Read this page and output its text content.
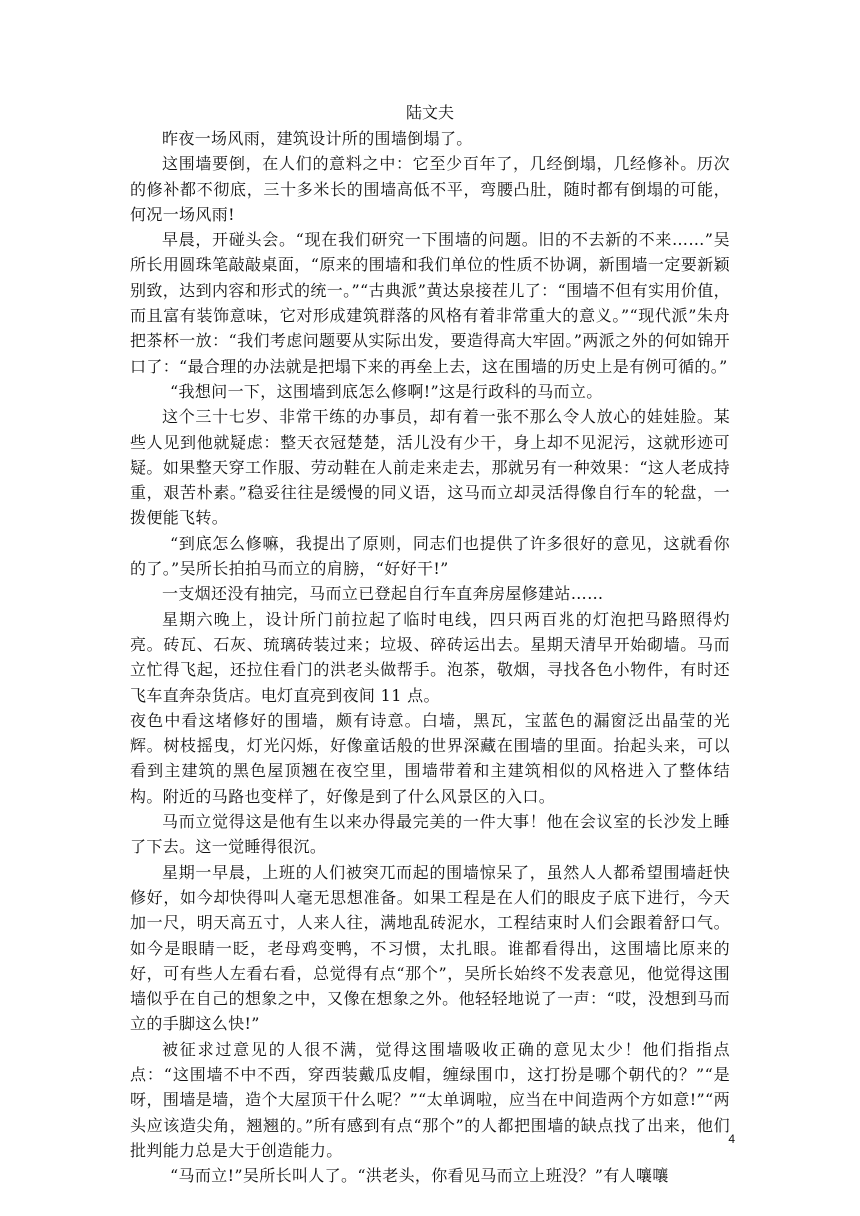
陆文夫

昨夜一场风雨，建筑设计所的围墙倒塌了。

这围墙要倒，在人们的意料之中：它至少百年了，几经倒塌，几经修补。历次的修补都不彻底，三十多米长的围墙高低不平，弯腰凸肚，随时都有倒塌的可能，何况一场风雨!

早晨，开碰头会。“现在我们研究一下围墙的问题。旧的不去新的不来……”吴所长用圆珠笔敲敲桌面，“原来的围墙和我们单位的性质不协调，新围墙一定要新颖别致，达到内容和形式的统一。”“古典派”黄达泉接茬儿了：“围墙不但有实用价值，而且富有装饰意味，它对形成建筑群落的风格有着非常重大的意义。”“现代派”朱舟把茶杯一放：“我们考虑问题要从实际出发，要造得高大牢固。”两派之外的何如锦开口了：“最合理的办法就是把塌下来的再垒上去，这在围墙的历史上是有例可循的。”

“我想问一下，这围墙到底怎么修啊!”这是行政科的马而立。

这个三十七岁、非常干练的办事员，却有着一张不那么令人放心的娃娃脸。某些人见到他就疑虑：整天衣冠楚楚，活儿没有少干，身上却不见泥污，这就形迹可疑。如果整天穿工作服、劳动鞋在人前走来走去，那就另有一种效果：“这人老成持重，艰苦朴素。”稳妥往往是缓慢的同义语，这马而立却灵活得像自行车的轮盘，一拨便能飞转。

“到底怎么修嘛，我提出了原则，同志们也提供了许多很好的意见，这就看你的了。”吴所长拍拍马而立的肩膀，“好好干!”

一支烟还没有抽完，马而立已登起自行车直奔房屋修建站……

星期六晚上，设计所门前拉起了临时电线，四只两百兆的灯泡把马路照得灼亮。砖瓦、石灰、琉璃砖装过来；垃圾、碎砖运出去。星期天清早开始砌墙。马而立忙得飞起，还拉住看门的洪老头做帮手。泡茶，敬烟，寻找各色小物件，有时还飞车直奔杂货店。电灯直亮到夜间 11 点。

夜色中看这堵修好的围墙，颇有诗意。白墙，黑瓦，宝蓝色的漏窗泛出晶莹的光辉。树枝摇曳，灯光闪烁，好像童话般的世界深藏在围墙的里面。抬起头来，可以看到主建筑的黑色屋顶翘在夜空里，围墙带着和主建筑相似的风格进入了整体结构。附近的马路也变样了，好像是到了什么风景区的入口。

马而立觉得这是他有生以来办得最完美的一件大事！他在会议室的长沙发上睡了下去。这一觉睡得很沉。

星期一早晨，上班的人们被突兀而起的围墙惊呆了，虽然人人都希望围墙赶快修好，如今却快得叫人毫无思想准备。如果工程是在人们的眼皮子底下进行，今天加一尺，明天高五寸，人来人往，满地乱砖泥水，工程结束时人们会跟着舒口气。如今是眼睛一眨，老母鸡变鸭，不习惯，太扎眼。谁都看得出，这围墙比原来的好，可有些人左看右看，总觉得有点“那个”，吴所长始终不发表意见，他觉得这围墙似乎在自己的想象之中，又像在想象之外。他轻轻地说了一声：“哎，没想到马而立的手脚这么快!”

被征求过意见的人很不满，觉得这围墙吸收正确的意见太少！他们指指点点：“这围墙不中不西，穿西装戴瓜皮帽，缠绿围巾，这打扮是哪个朝代的？”“是呀，围墙是墙，造个大屋顶干什么呢？”“太单调啦，应当在中间造两个方如意!”“两头应该造尖角，翘翘的。”所有感到有点“那个”的人都把围墙的缺点找了出来，他们批判能力总是大于创造能力。

“马而立!”吴所长叫人了。“洪老头，你看见马而立上班没？”有人嚷嚷

4
